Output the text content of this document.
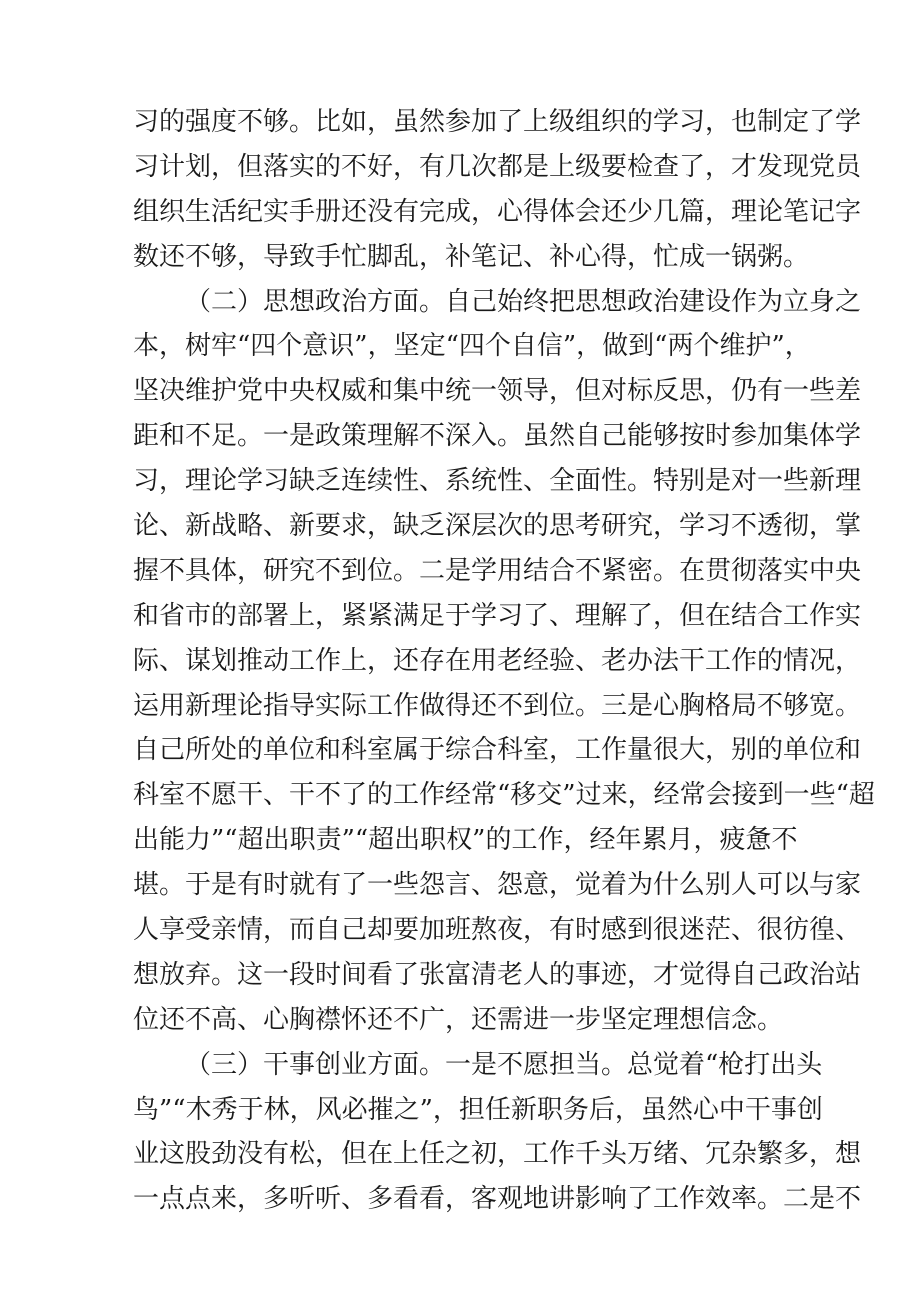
习的强度不够。比如，虽然参加了上级组织的学习，也制定了学
习计划，但落实的不好，有几次都是上级要检查了，才发现党员
组织生活纪实手册还没有完成，心得体会还少几篇，理论笔记字
数还不够，导致手忙脚乱，补笔记、补心得，忙成一锅粥。
（二）思想政治方面。自己始终把思想政治建设作为立身之
本，树牢“四个意识”，坚定“四个自信”，做到“两个维护”，
坚决维护党中央权威和集中统一领导，但对标反思，仍有一些差
距和不足。一是政策理解不深入。虽然自己能够按时参加集体学
习，理论学习缺乏连续性、系统性、全面性。特别是对一些新理
论、新战略、新要求，缺乏深层次的思考研究，学习不透彻，掌
握不具体，研究不到位。二是学用结合不紧密。在贯彻落实中央
和省市的部署上，紧紧满足于学习了、理解了，但在结合工作实
际、谋划推动工作上，还存在用老经验、老办法干工作的情况，
运用新理论指导实际工作做得还不到位。三是心胸格局不够宽。
自己所处的单位和科室属于综合科室，工作量很大，别的单位和
科室不愿干、干不了的工作经常“移交”过来，经常会接到一些“超
出能力”“超出职责”“超出职权”的工作，经年累月，疲惫不
堪。于是有时就有了一些怨言、怨意，觉着为什么别人可以与家
人享受亲情，而自己却要加班熬夜，有时感到很迷茫、很彷徨、
想放弃。这一段时间看了张富清老人的事迹，才觉得自己政治站
位还不高、心胸襟怀还不广，还需进一步坚定理想信念。
（三）干事创业方面。一是不愿担当。总觉着“枪打出头
鸟”“木秀于林，风必摧之”，担任新职务后，虽然心中干事创
业这股劲没有松，但在上任之初，工作千头万绪、冗杂繁多，想
一点点来，多听听、多看看，客观地讲影响了工作效率。二是不
